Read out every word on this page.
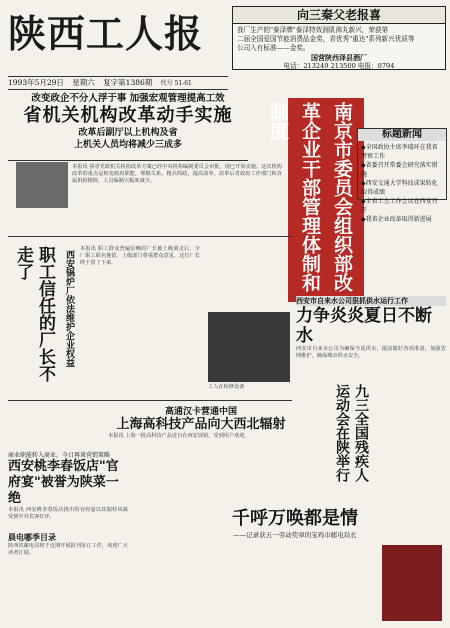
陕西工人报	向三秦父老报喜
我厂生产的"泰泽牌"泰泽特效润肌沸丸新兴，荣获第
二届全国爱国节能消费品金奖，省优秀"重达"系列新兴优质等
公司入有标准——金奖。
国营陕西泽县酒厂
电话：213249 213500 电报：0794
1993年5月29日 星期六 复字第1386期 代号 51-61
改变政企不分人浮于事 加强宏观管理提高工效
省机关机构改革动手实施
改革后副厅以上机构及省
上机关人员均将减少三成多
本报讯 我省党政机关机构改革方案已经中央机构编制委员会审批，现已开始实施。这次机构改革的重点是转变政府职能，理顺关系，精兵简政，提高效率。改革后省政府工作部门和直属机构精简，人员编制大幅度减少。	南京市委员会组织部改革企业干部管理体制和制度	标题新闻
◆全国政协主席李瑞环在我省考察工作
◆省委召开常委会研究落实措施
◆西安交通大学科技成果转化取得成绩
◆全省工会工作会议在西安召开
◆我省企业改革取得新进展
职工信任的厂长不走了	西安锅炉厂依法维护企业权益
本报讯 职工群众普遍信赖的厂长被上级调走后，全厂职工联名挽留，上级部门尊重群众意见，这位厂长终于留了下来。
工人在检修设备
西安市自来水公司狠抓供水运行工作
力争炎炎夏日不断水
西安市自来水公司为确保今夏供水，提前做好各项准备，加强管网维护，确保城市供水安全。
九三全国残疾人运动会在陕举行
高通汉卡营通中国
上海高科技产品向大西北辐射
本报讯 上海一批高科技产品近日在西安展销，受到用户欢迎。
商业职能转入商业，今日再谈营销策略
西安桃李春饭店"官府宴"被誉为陕菜一绝
本报讯 西安桃李春饭店推出的官府宴以其独特风味受到中外宾客好评。	千呼万唤都是情
——记录获五一劳动奖章的宝鸡市邮电局长
晨电哪季目录
陕西省邮电局将于近期开展报刊征订工作，欢迎广大读者订阅。
